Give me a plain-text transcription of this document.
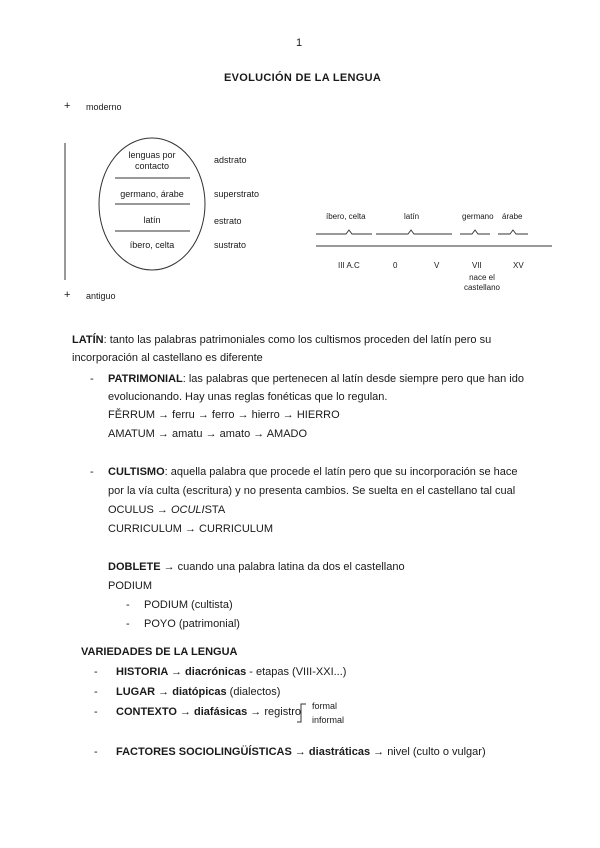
1
EVOLUCIÓN DE LA LENGUA
+ moderno
lenguas por
contacto
germano, árabe
latín
íbero, celta
adstrato
superstrato
estrato
sustrato
+ antiguo
íbero, celta	latín	germano árabe
III A.C	0	V	VII	XV
nace el
castellano
LATÍN: tanto las palabras patrimoniales como los cultismos proceden del latín pero su
incorporación al castellano es diferente
- PATRIMONIAL: las palabras que pertenecen al latín desde siempre pero que han ido
evolucionando. Hay unas reglas fonéticas que lo regulan.
FĚRRUM → ferru → ferro → hierro → HIERRO
AMATUM → amatu → amato → AMADO
- CULTISMO: aquella palabra que procede el latín pero que su incorporación se hace
por la vía culta (escritura) y no presenta cambios. Se suelta en el castellano tal cual
OCULUS → OCULISTA
CURRICULUM → CURRICULUM
DOBLETE → cuando una palabra latina da dos el castellano
PODIUM
- PODIUM (cultista)
- POYO (patrimonial)
VARIEDADES DE LA LENGUA
- HISTORIA → diacrónicas - etapas (VIII-XXI...)
- LUGAR → diatópicas (dialectos)
- CONTEXTO → diafásicas → registro formal
informal
- FACTORES SOCIOLINGÜÍSTICAS → diastráticas → nivel (culto o vulgar)
